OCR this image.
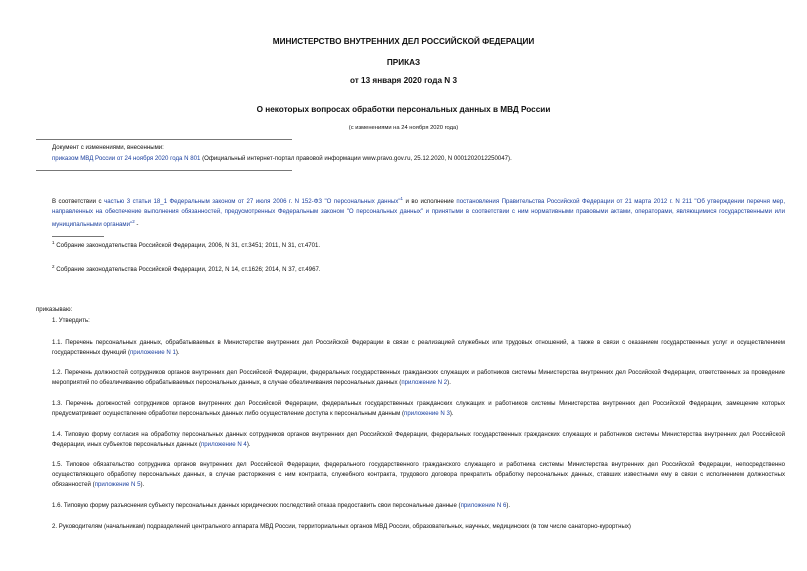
МИНИСТЕРСТВО ВНУТРЕННИХ ДЕЛ РОССИЙСКОЙ ФЕДЕРАЦИИ
ПРИКАЗ
от 13 января 2020 года N 3
О некоторых вопросах обработки персональных данных в МВД России
(с изменениями на 24 ноября 2020 года)
Документ с изменениями, внесенными:
приказом МВД России от 24 ноября 2020 года N 801 (Официальный интернет-портал правовой информации www.pravo.gov.ru, 25.12.2020, N 0001202012250047).
В соответствии с частью 3 статьи 18_1 Федеральным законом от 27 июля 2006 г. N 152-ФЗ "О персональных данных"$^1$ и во исполнение постановления Правительства Российской Федерации от 21 марта 2012 г. N 211 "Об утверждении перечня мер, направленных на обеспечение выполнения обязанностей, предусмотренных Федеральным законом "О персональных данных" и принятыми в соответствии с ним нормативными правовыми актами, операторами, являющимися государственными или муниципальными органами"$^2$ -
$^1$ Собрание законодательства Российской Федерации, 2006, N 31, ст.3451; 2011, N 31, ст.4701.
$^2$ Собрание законодательства Российской Федерации, 2012, N 14, ст.1626; 2014, N 37, ст.4967.
приказываю:
1. Утвердить:
1.1. Перечень персональных данных, обрабатываемых в Министерстве внутренних дел Российской Федерации в связи с реализацией служебных или трудовых отношений, а также в связи с оказанием государственных услуг и осуществлением государственных функций (приложение N 1).
1.2. Перечень должностей сотрудников органов внутренних дел Российской Федерации, федеральных государственных гражданских служащих и работников системы Министерства внутренних дел Российской Федерации, ответственных за проведение мероприятий по обезличиванию обрабатываемых персональных данных, в случае обезличивания персональных данных (приложение N 2).
1.3. Перечень должностей сотрудников органов внутренних дел Российской Федерации, федеральных государственных гражданских служащих и работников системы Министерства внутренних дел Российской Федерации, замещение которых предусматривает осуществление обработки персональных данных либо осуществление доступа к персональным данным (приложение N 3).
1.4. Типовую форму согласия на обработку персональных данных сотрудников органов внутренних дел Российской Федерации, федеральных государственных гражданских служащих и работников системы Министерства внутренних дел Российской Федерации, иных субъектов персональных данных (приложение N 4).
1.5. Типовое обязательство сотрудника органов внутренних дел Российской Федерации, федерального государственного гражданского служащего и работника системы Министерства внутренних дел Российской Федерации, непосредственно осуществляющего обработку персональных данных, в случае расторжения с ним контракта, служебного контракта, трудового договора прекратить обработку персональных данных, ставших известными ему в связи с исполнением должностных обязанностей (приложение N 5).
1.6. Типовую форму разъяснения субъекту персональных данных юридических последствий отказа предоставить свои персональные данные (приложение N 6).
2. Руководителям (начальникам) подразделений центрального аппарата МВД России, территориальных органов МВД России, образовательных, научных, медицинских (в том числе санаторно-курортных)
